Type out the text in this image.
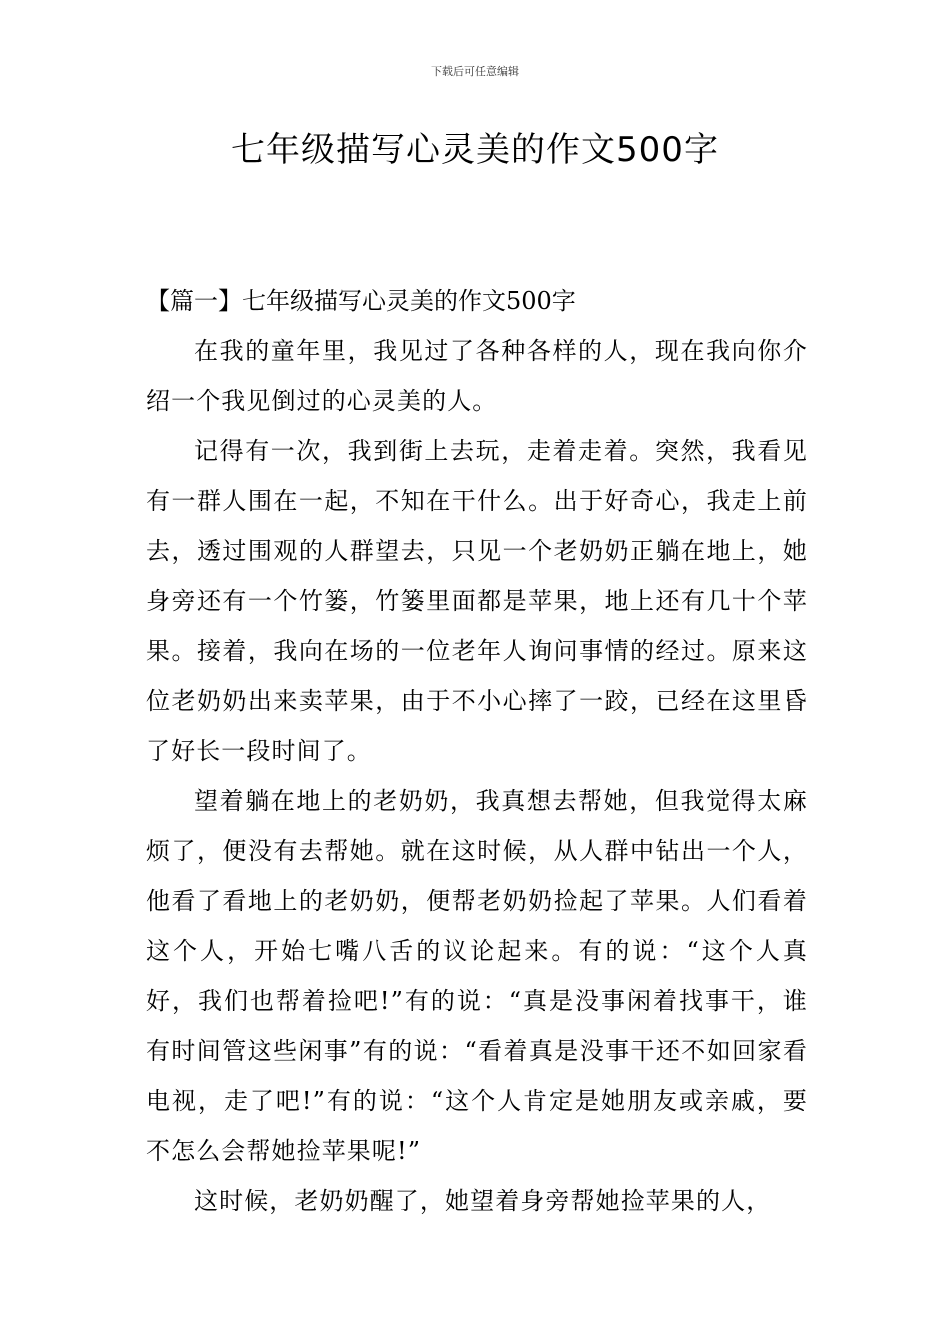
下载后可任意编辑
七年级描写心灵美的作文500字
【篇一】七年级描写心灵美的作文500字

在我的童年里，我见过了各种各样的人，现在我向你介绍一个我见倒过的心灵美的人。

记得有一次，我到街上去玩，走着走着。突然，我看见有一群人围在一起，不知在干什么。出于好奇心，我走上前去，透过围观的人群望去，只见一个老奶奶正躺在地上，她身旁还有一个竹篓，竹篓里面都是苹果，地上还有几十个苹果。接着，我向在场的一位老年人询问事情的经过。原来这位老奶奶出来卖苹果，由于不小心摔了一跤，已经在这里昏了好长一段时间了。

望着躺在地上的老奶奶，我真想去帮她，但我觉得太麻烦了，便没有去帮她。就在这时候，从人群中钻出一个人，他看了看地上的老奶奶，便帮老奶奶捡起了苹果。人们看着这个人，开始七嘴八舌的议论起来。有的说：“这个人真好，我们也帮着捡吧!”有的说：“真是没事闲着找事干，谁有时间管这些闲事”有的说：“看着真是没事干还不如回家看电视，走了吧!”有的说：“这个人肯定是她朋友或亲戚，要不怎么会帮她捡苹果呢!”

这时候，老奶奶醒了，她望着身旁帮她捡苹果的人，
